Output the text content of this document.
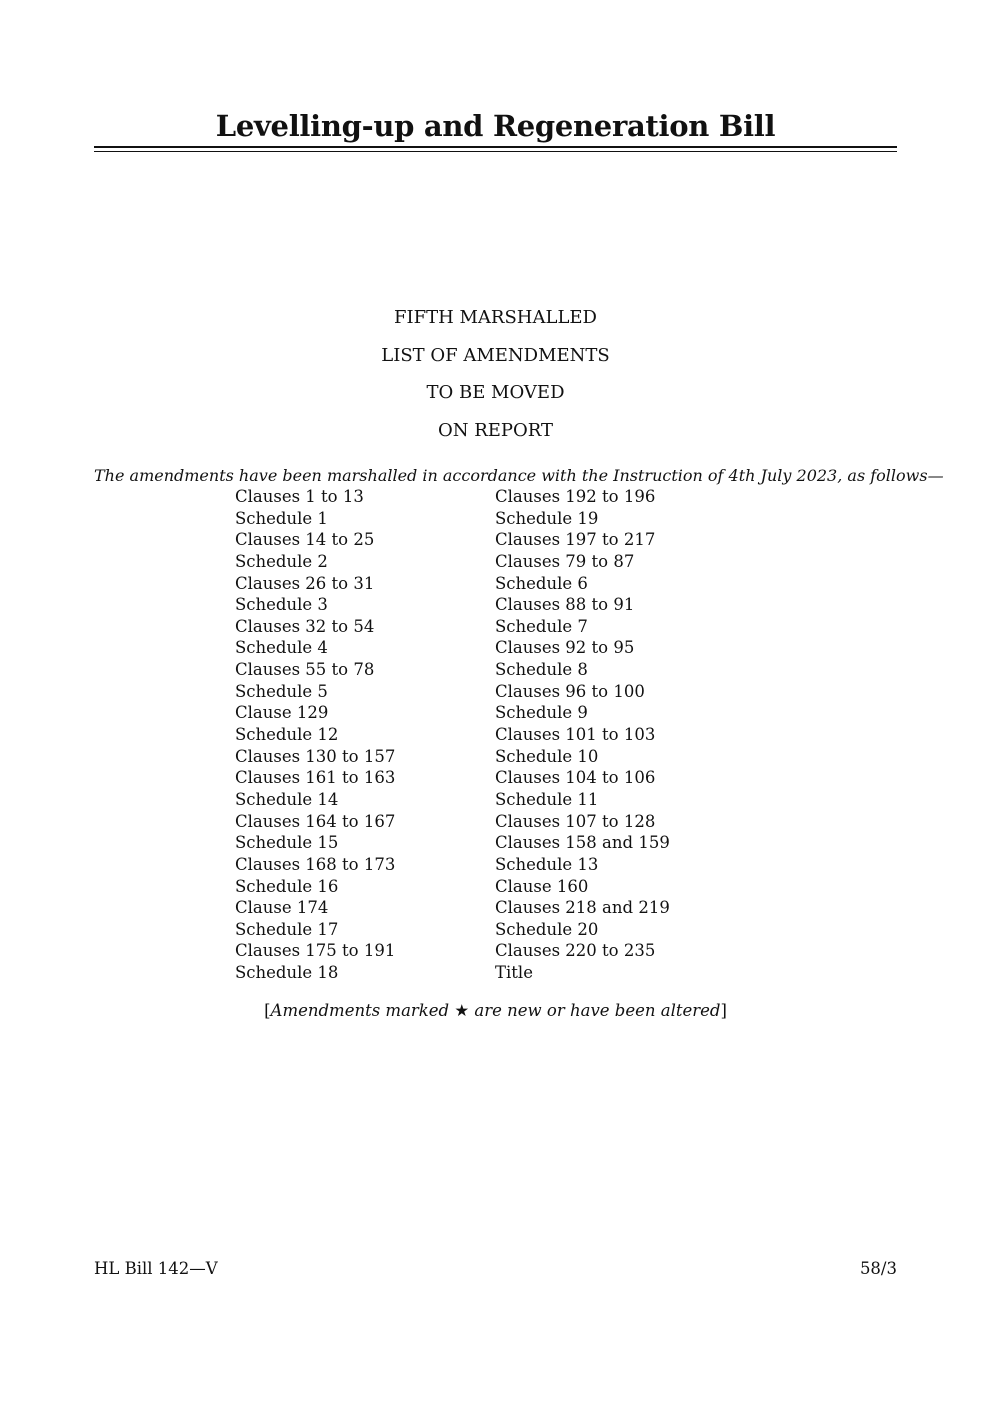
Levelling-up and Regeneration Bill
FIFTH MARSHALLED
LIST OF AMENDMENTS
TO BE MOVED
ON REPORT
The amendments have been marshalled in accordance with the Instruction of 4th July 2023, as follows—
Clauses 1 to 13
Schedule 1
Clauses 14 to 25
Schedule 2
Clauses 26 to 31
Schedule 3
Clauses 32 to 54
Schedule 4
Clauses 55 to 78
Schedule 5
Clause 129
Schedule 12
Clauses 130 to 157
Clauses 161 to 163
Schedule 14
Clauses 164 to 167
Schedule 15
Clauses 168 to 173
Schedule 16
Clause 174
Schedule 17
Clauses 175 to 191
Schedule 18
Clauses 192 to 196
Schedule 19
Clauses 197 to 217
Clauses 79 to 87
Schedule 6
Clauses 88 to 91
Schedule 7
Clauses 92 to 95
Schedule 8
Clauses 96 to 100
Schedule 9
Clauses 101 to 103
Schedule 10
Clauses 104 to 106
Schedule 11
Clauses 107 to 128
Clauses 158 and 159
Schedule 13
Clause 160
Clauses 218 and 219
Schedule 20
Clauses 220 to 235
Title
[Amendments marked ★ are new or have been altered]
HL Bill 142—V	58/3
